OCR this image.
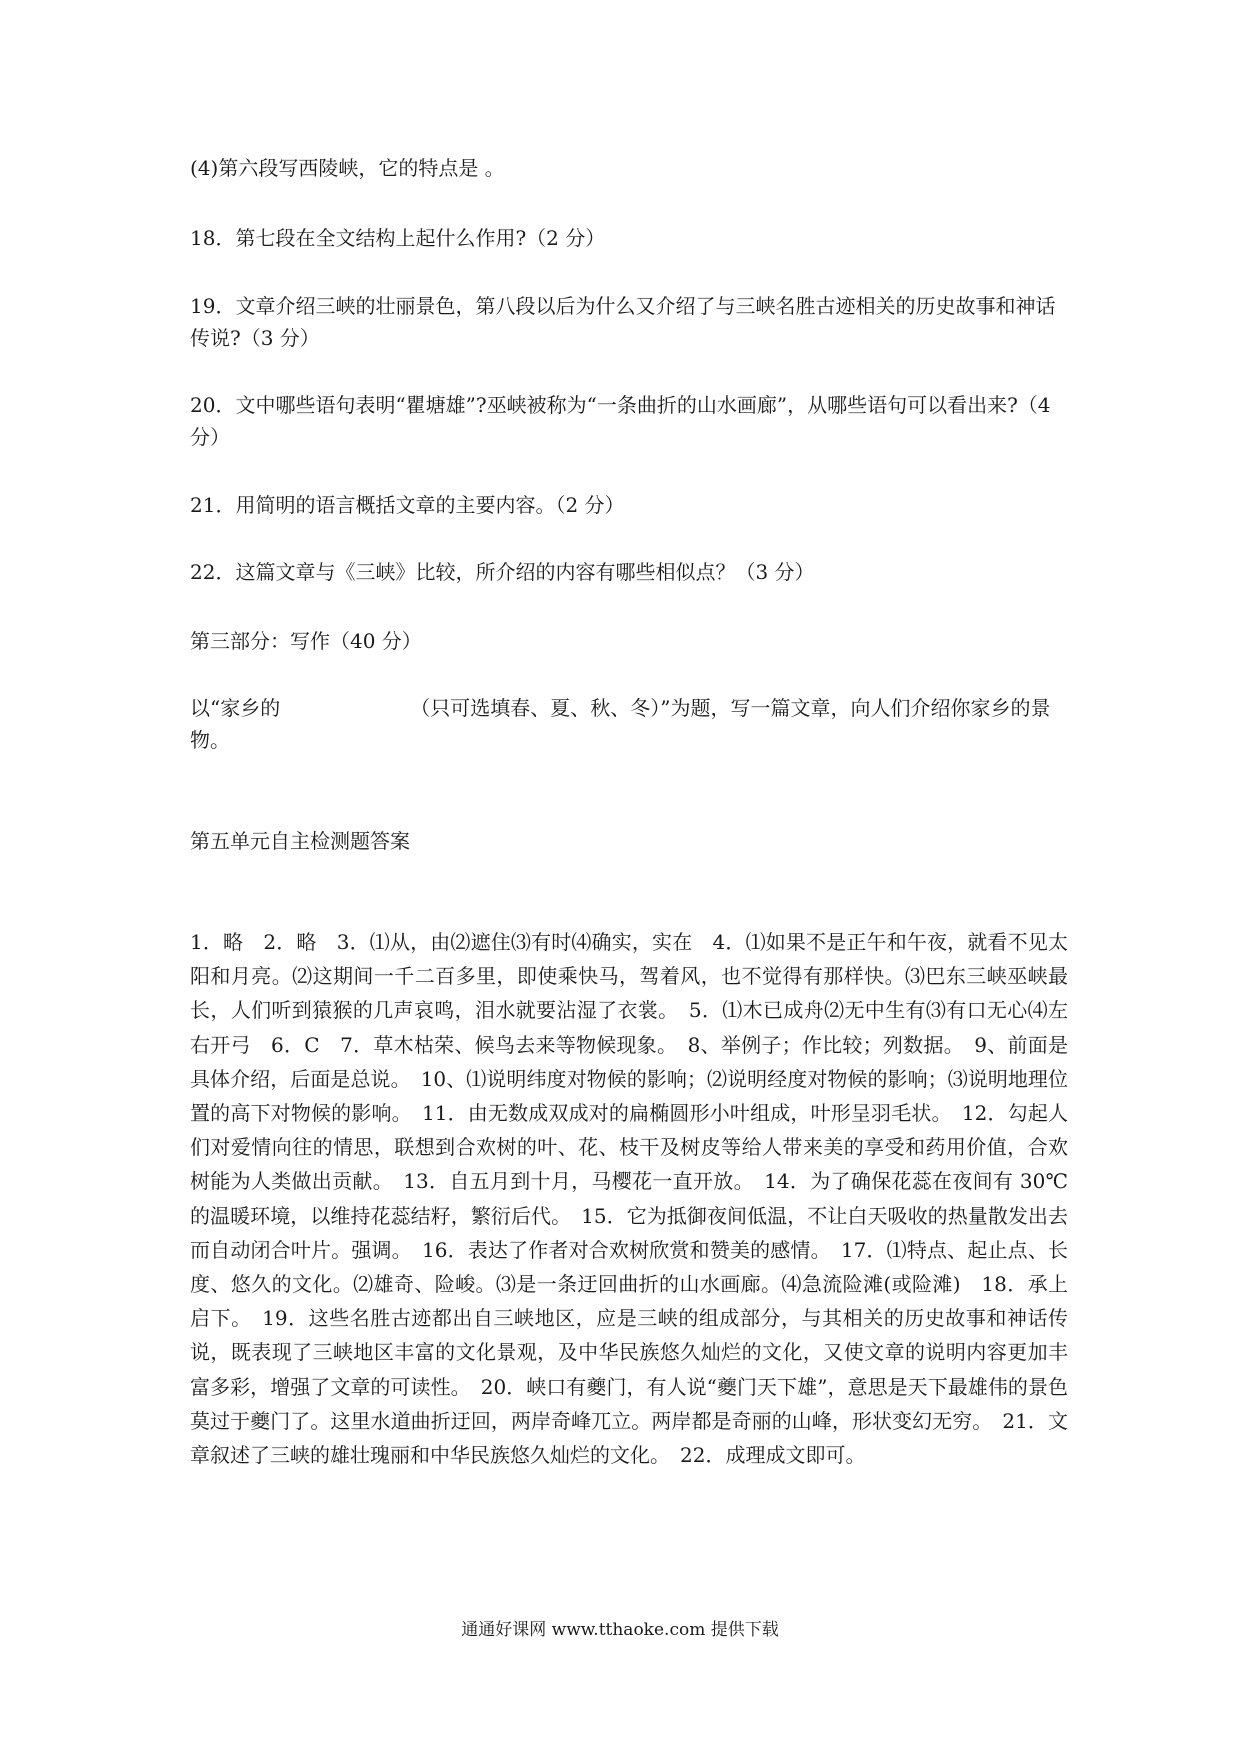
(4)第六段写西陵峡，它的特点是 。
18．第七段在全文结构上起什么作用?（2 分）
19．文章介绍三峡的壮丽景色，第八段以后为什么又介绍了与三峡名胜古迹相关的历史故事和神话传说?（3 分）
20．文中哪些语句表明“瞿塘雄”?巫峡被称为“一条曲折的山水画廊”，从哪些语句可以看出来?（4 分）
21．用简明的语言概括文章的主要内容。（2 分）
22．这篇文章与《三峡》比较，所介绍的内容有哪些相似点？（3 分）
第三部分：写作（40 分）
以“家乡的	（只可选填春、夏、秋、冬）”为题，写一篇文章，向人们介绍你家乡的景物。
第五单元自主检测题答案
1．略　2．略　3．⑴从，由⑵遮住⑶有时⑷确实，实在　4．⑴如果不是正午和午夜，就看不见太阳和月亮。⑵这期间一千二百多里，即使乘快马，驾着风，也不觉得有那样快。⑶巴东三峡巫峡最长，人们听到猿猴的几声哀鸣，泪水就要沾湿了衣裳。　5．⑴木已成舟⑵无中生有⑶有口无心⑷左右开弓　6．C　7．草木枯荣、候鸟去来等物候现象。　8、举例子；作比较；列数据。　9、前面是具体介绍，后面是总说。　10、⑴说明纬度对物候的影响；⑵说明经度对物候的影响；⑶说明地理位置的高下对物候的影响。　11．由无数成双成对的扁椭圆形小叶组成，叶形呈羽毛状。　12．勾起人们对爱情向往的情思，联想到合欢树的叶、花、枝干及树皮等给人带来美的享受和药用价值，合欢树能为人类做出贡献。　13．自五月到十月，马樱花一直开放。　14．为了确保花蕊在夜间有 30℃的温暖环境，以维持花蕊结籽，繁衍后代。　15．它为抵御夜间低温，不让白天吸收的热量散发出去而自动闭合叶片。强调。　16．表达了作者对合欢树欣赏和赞美的感情。　17．⑴特点、起止点、长度、悠久的文化。⑵雄奇、险峻。⑶是一条迂回曲折的山水画廊。⑷急流险滩(或险滩)　18．承上启下。　19．这些名胜古迹都出自三峡地区，应是三峡的组成部分，与其相关的历史故事和神话传说，既表现了三峡地区丰富的文化景观，及中华民族悠久灿烂的文化，又使文章的说明内容更加丰富多彩，增强了文章的可读性。　20．峡口有夔门，有人说“夔门天下雄”，意思是天下最雄伟的景色莫过于夔门了。这里水道曲折迂回，两岸奇峰兀立。两岸都是奇丽的山峰，形状变幻无穷。　21．文章叙述了三峡的雄壮瑰丽和中华民族悠久灿烂的文化。　22．成理成文即可。
通通好课网 www.tthaoke.com 提供下载
